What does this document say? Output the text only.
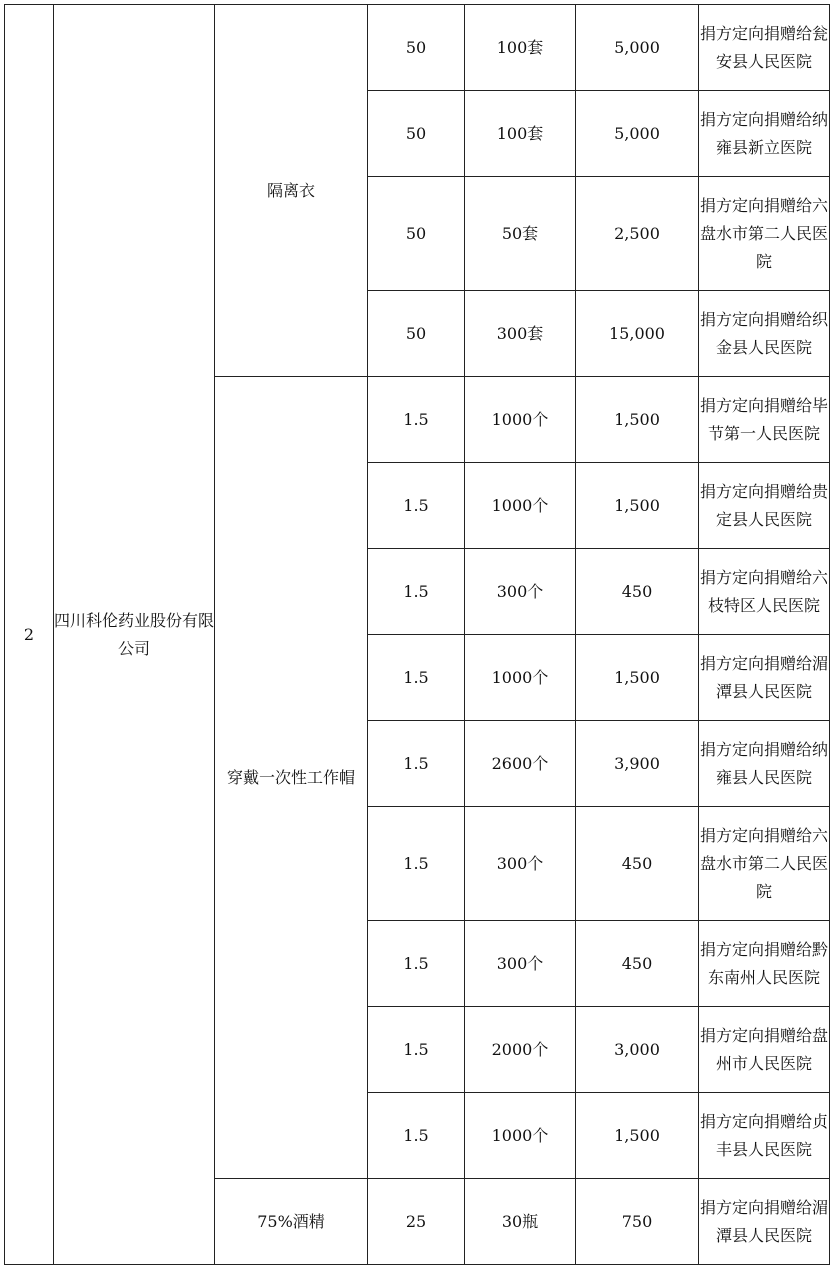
2	四川科伦药业股份有限公司	隔离衣	50	100套	5,000	捐方定向捐赠给瓮安县人民医院
			50	100套	5,000	捐方定向捐赠给纳雍县新立医院
			50	50套	2,500	捐方定向捐赠给六盘水市第二人民医院
			50	300套	15,000	捐方定向捐赠给织金县人民医院
		穿戴一次性工作帽	1.5	1000个	1,500	捐方定向捐赠给毕节第一人民医院
			1.5	1000个	1,500	捐方定向捐赠给贵定县人民医院
			1.5	300个	450	捐方定向捐赠给六枝特区人民医院
			1.5	1000个	1,500	捐方定向捐赠给湄潭县人民医院
			1.5	2600个	3,900	捐方定向捐赠给纳雍县人民医院
			1.5	300个	450	捐方定向捐赠给六盘水市第二人民医院
			1.5	300个	450	捐方定向捐赠给黔东南州人民医院
			1.5	2000个	3,000	捐方定向捐赠给盘州市人民医院
			1.5	1000个	1,500	捐方定向捐赠给贞丰县人民医院
		75%酒精	25	30瓶	750	捐方定向捐赠给湄潭县人民医院
